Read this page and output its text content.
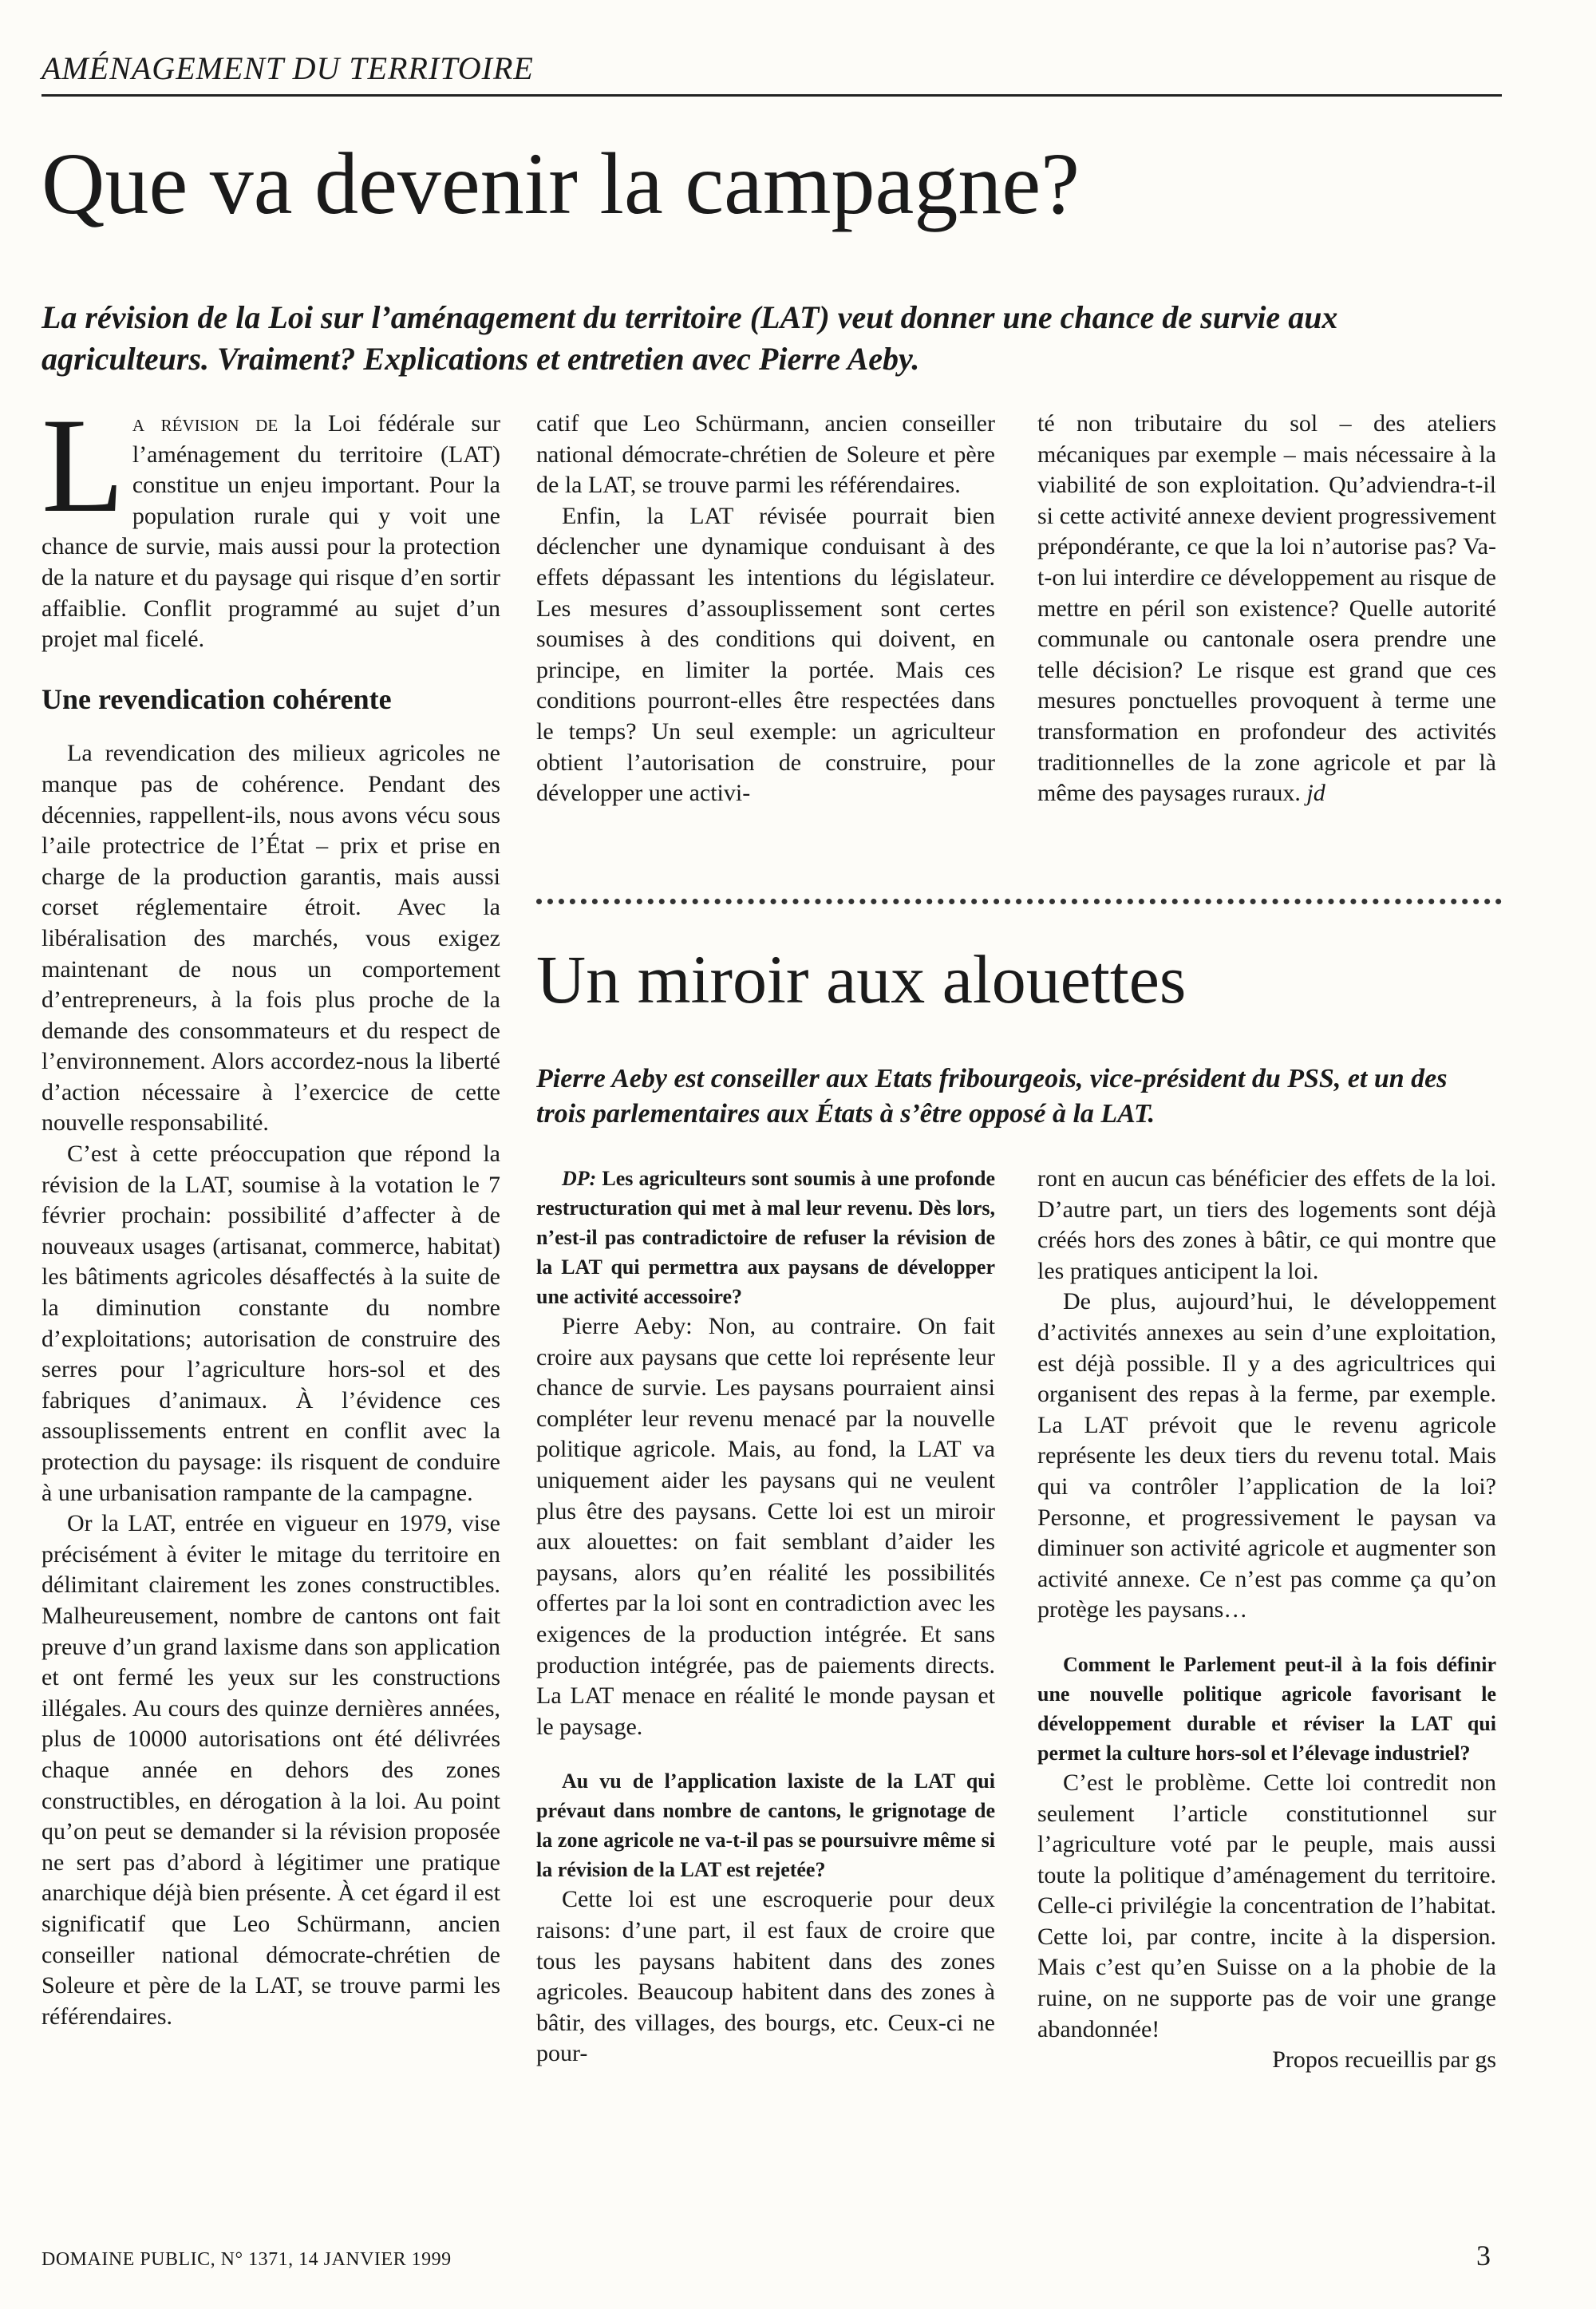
AMÉNAGEMENT DU TERRITOIRE
Que va devenir la campagne?
La révision de la Loi sur l’aménagement du territoire (LAT) veut donner une chance de survie aux agriculteurs. Vraiment? Explications et entretien avec Pierre Aeby.

La révision de la Loi fédérale sur l’aménagement du territoire (LAT) constitue un enjeu important. Pour la population rurale qui y voit une chance de survie, mais aussi pour la protection de la nature et du paysage qui risque d’en sortir affaiblie. Conflit programmé au sujet d’un projet mal ficelé.

Une revendication cohérente

La revendication des milieux agricoles ne manque pas de cohérence. Pendant des décennies, rappellent-ils, nous avons vécu sous l’aile protectrice de l’État – prix et prise en charge de la production garantis, mais aussi corset réglementaire étroit. Avec la libéralisation des marchés, vous exigez maintenant de nous un comportement d’entrepreneurs, à la fois plus proche de la demande des consommateurs et du respect de l’environnement. Alors accordez-nous la liberté d’action nécessaire à l’exercice de cette nouvelle responsabilité.

C’est à cette préoccupation que répond la révision de la LAT, soumise à la votation le 7 février prochain: possibilité d’affecter à de nouveaux usages (artisanat, commerce, habitat) les bâtiments agricoles désaffectés à la suite de la diminution constante du nombre d’exploitations; autorisation de construire des serres pour l’agriculture hors-sol et des fabriques d’animaux. À l’évidence ces assouplissements entrent en conflit avec la protection du paysage: ils risquent de conduire à une urbanisation rampante de la campagne.

Or la LAT, entrée en vigueur en 1979, vise précisément à éviter le mitage du territoire en délimitant clairement les zones constructibles. Malheureusement, nombre de cantons ont fait preuve d’un grand laxisme dans son application et ont fermé les yeux sur les constructions illégales. Au cours des quinze dernières années, plus de 10000 autorisations ont été délivrées chaque année en dehors des zones constructibles, en dérogation à la loi. Au point qu’on peut se demander si la révision proposée ne sert pas d’abord à légitimer une pratique anarchique déjà bien présente. À cet égard il est significatif que Leo Schürmann, ancien conseiller national démocrate-chrétien de Soleure et père de la LAT, se trouve parmi les référendaires.

catif que Leo Schürmann, ancien conseiller national démocrate-chrétien de Soleure et père de la LAT, se trouve parmi les référendaires.

Enfin, la LAT révisée pourrait bien déclencher une dynamique conduisant à des effets dépassant les intentions du législateur. Les mesures d’assouplissement sont certes soumises à des conditions qui doivent, en principe, en limiter la portée. Mais ces conditions pourront-elles être respectées dans le temps? Un seul exemple: un agriculteur obtient l’autorisation de construire, pour développer une activi-

té non tributaire du sol – des ateliers mécaniques par exemple – mais nécessaire à la viabilité de son exploitation. Qu’adviendra-t-il si cette activité annexe devient progressivement prépondérante, ce que la loi n’autorise pas? Va-t-on lui interdire ce développement au risque de mettre en péril son existence? Quelle autorité communale ou cantonale osera prendre une telle décision? Le risque est grand que ces mesures ponctuelles provoquent à terme une transformation en profondeur des activités traditionnelles de la zone agricole et par là même des paysages ruraux. jd

Un miroir aux alouettes
Pierre Aeby est conseiller aux Etats fribourgeois, vice-président du PSS, et un des trois parlementaires aux États à s’être opposé à la LAT.

DP: Les agriculteurs sont soumis à une profonde restructuration qui met à mal leur revenu. Dès lors, n’est-il pas contradictoire de refuser la révision de la LAT qui permettra aux paysans de développer une activité accessoire?

Pierre Aeby: Non, au contraire. On fait croire aux paysans que cette loi représente leur chance de survie. Les paysans pourraient ainsi compléter leur revenu menacé par la nouvelle politique agricole. Mais, au fond, la LAT va uniquement aider les paysans qui ne veulent plus être des paysans. Cette loi est un miroir aux alouettes: on fait semblant d’aider les paysans, alors qu’en réalité les possibilités offertes par la loi sont en contradiction avec les exigences de la production intégrée. Et sans production intégrée, pas de paiements directs. La LAT menace en réalité le monde paysan et le paysage.

Au vu de l’application laxiste de la LAT qui prévaut dans nombre de cantons, le grignotage de la zone agricole ne va-t-il pas se poursuivre même si la révision de la LAT est rejetée?

Cette loi est une escroquerie pour deux raisons: d’une part, il est faux de croire que tous les paysans habitent dans des zones agricoles. Beaucoup habitent dans des zones à bâtir, des villages, des bourgs, etc. Ceux-ci ne pour-

ront en aucun cas bénéficier des effets de la loi. D’autre part, un tiers des logements sont déjà créés hors des zones à bâtir, ce qui montre que les pratiques anticipent la loi.

De plus, aujourd’hui, le développement d’activités annexes au sein d’une exploitation, est déjà possible. Il y a des agricultrices qui organisent des repas à la ferme, par exemple. La LAT prévoit que le revenu agricole représente les deux tiers du revenu total. Mais qui va contrôler l’application de la loi? Personne, et progressivement le paysan va diminuer son activité agricole et augmenter son activité annexe. Ce n’est pas comme ça qu’on protège les paysans…

Comment le Parlement peut-il à la fois définir une nouvelle politique agricole favorisant le développement durable et réviser la LAT qui permet la culture hors-sol et l’élevage industriel?

C’est le problème. Cette loi contredit non seulement l’article constitutionnel sur l’agriculture voté par le peuple, mais aussi toute la politique d’aménagement du territoire. Celle-ci privilégie la concentration de l’habitat. Cette loi, par contre, incite à la dispersion. Mais c’est qu’en Suisse on a la phobie de la ruine, on ne supporte pas de voir une grange abandonnée!

Propos recueillis par gs

DOMAINE PUBLIC, N° 1371, 14 JANVIER 1999	3
